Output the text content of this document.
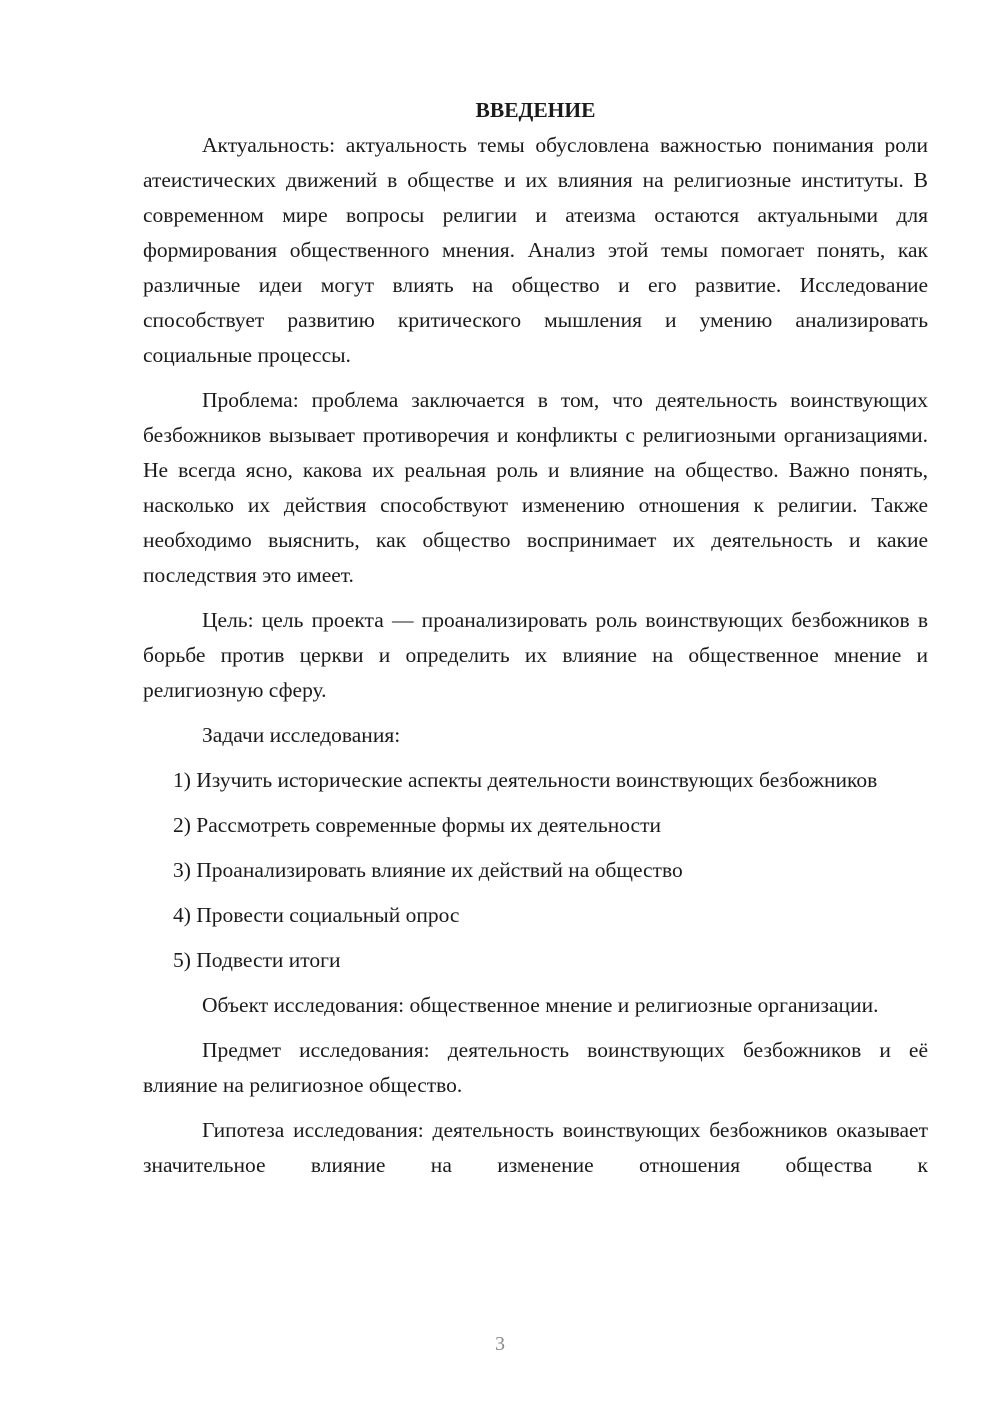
ВВЕДЕНИЕ

Актуальность: актуальность темы обусловлена важностью понимания роли атеистических движений в обществе и их влияния на религиозные институты. В современном мире вопросы религии и атеизма остаются актуальными для формирования общественного мнения. Анализ этой темы помогает понять, как различные идеи могут влиять на общество и его развитие. Исследование способствует развитию критического мышления и умению анализировать социальные процессы.

Проблема: проблема заключается в том, что деятельность воинствующих безбожников вызывает противоречия и конфликты с религиозными организациями. Не всегда ясно, какова их реальная роль и влияние на общество. Важно понять, насколько их действия способствуют изменению отношения к религии. Также необходимо выяснить, как общество воспринимает их деятельность и какие последствия это имеет.

Цель: цель проекта — проанализировать роль воинствующих безбожников в борьбе против церкви и определить их влияние на общественное мнение и религиозную сферу.

Задачи исследования:

1) Изучить исторические аспекты деятельности воинствующих безбожников

2) Рассмотреть современные формы их деятельности

3) Проанализировать влияние их действий на общество

4) Провести социальный опрос

5) Подвести итоги

Объект исследования: общественное мнение и религиозные организации.

Предмет исследования: деятельность воинствующих безбожников и её влияние на религиозное общество.

Гипотеза исследования: деятельность воинствующих безбожников оказывает значительное влияние на изменение отношения общества к

3
